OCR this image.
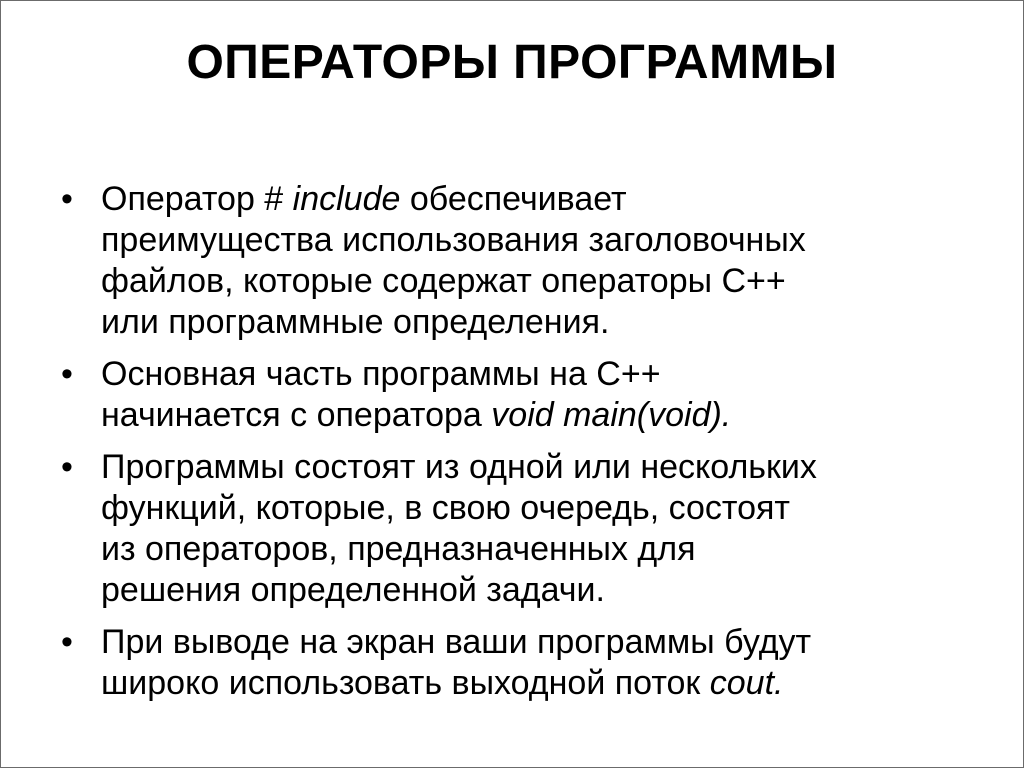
ОПЕРАТОРЫ ПРОГРАММЫ
• Оператор # include обеспечивает
преимущества использования заголовочных
файлов, которые содержат операторы С++
или программные определения.
• Основная часть программы на С++
начинается с оператора void main(void).
• Программы состоят из одной или нескольких
функций, которые, в свою очередь, состоят
из операторов, предназначенных для
решения определенной задачи.
• При выводе на экран ваши программы будут
широко использовать выходной поток cout.
